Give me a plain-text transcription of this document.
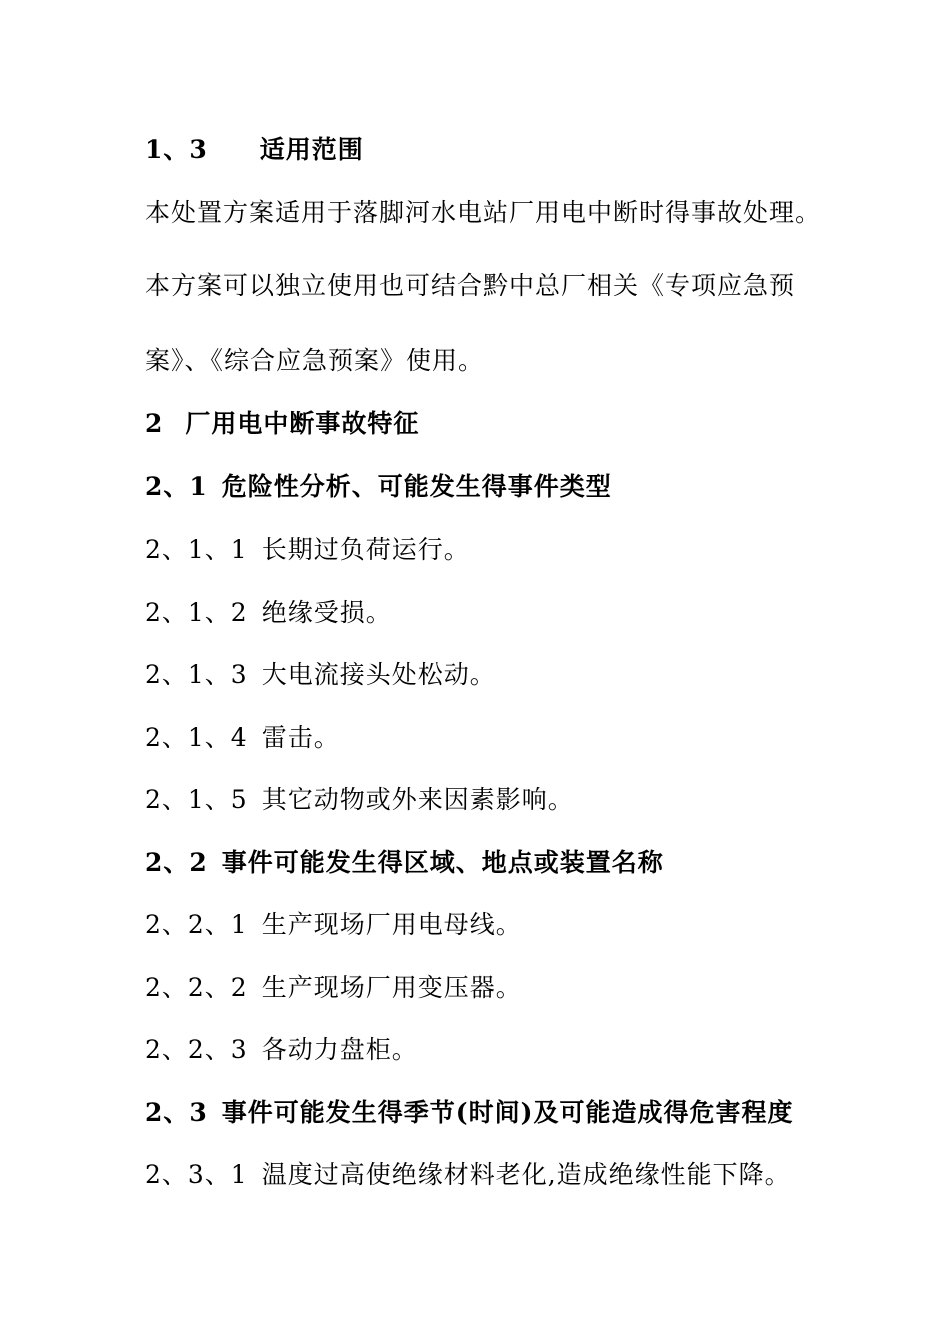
1、3 适用范围
本处置方案适用于落脚河水电站厂用电中断时得事故处理。
本方案可以独立使用也可结合黔中总厂相关《专项应急预
案》、《综合应急预案》使用。
2 厂用电中断事故特征
2、1 危险性分析、可能发生得事件类型
2、1、1 长期过负荷运行。
2、1、2 绝缘受损。
2、1、3 大电流接头处松动。
2、1、4 雷击。
2、1、5 其它动物或外来因素影响。
2、2 事件可能发生得区域、地点或装置名称
2、2、1 生产现场厂用电母线。
2、2、2 生产现场厂用变压器。
2、2、3 各动力盘柜。
2、3 事件可能发生得季节(时间)及可能造成得危害程度
2、3、1 温度过高使绝缘材料老化,造成绝缘性能下降。
